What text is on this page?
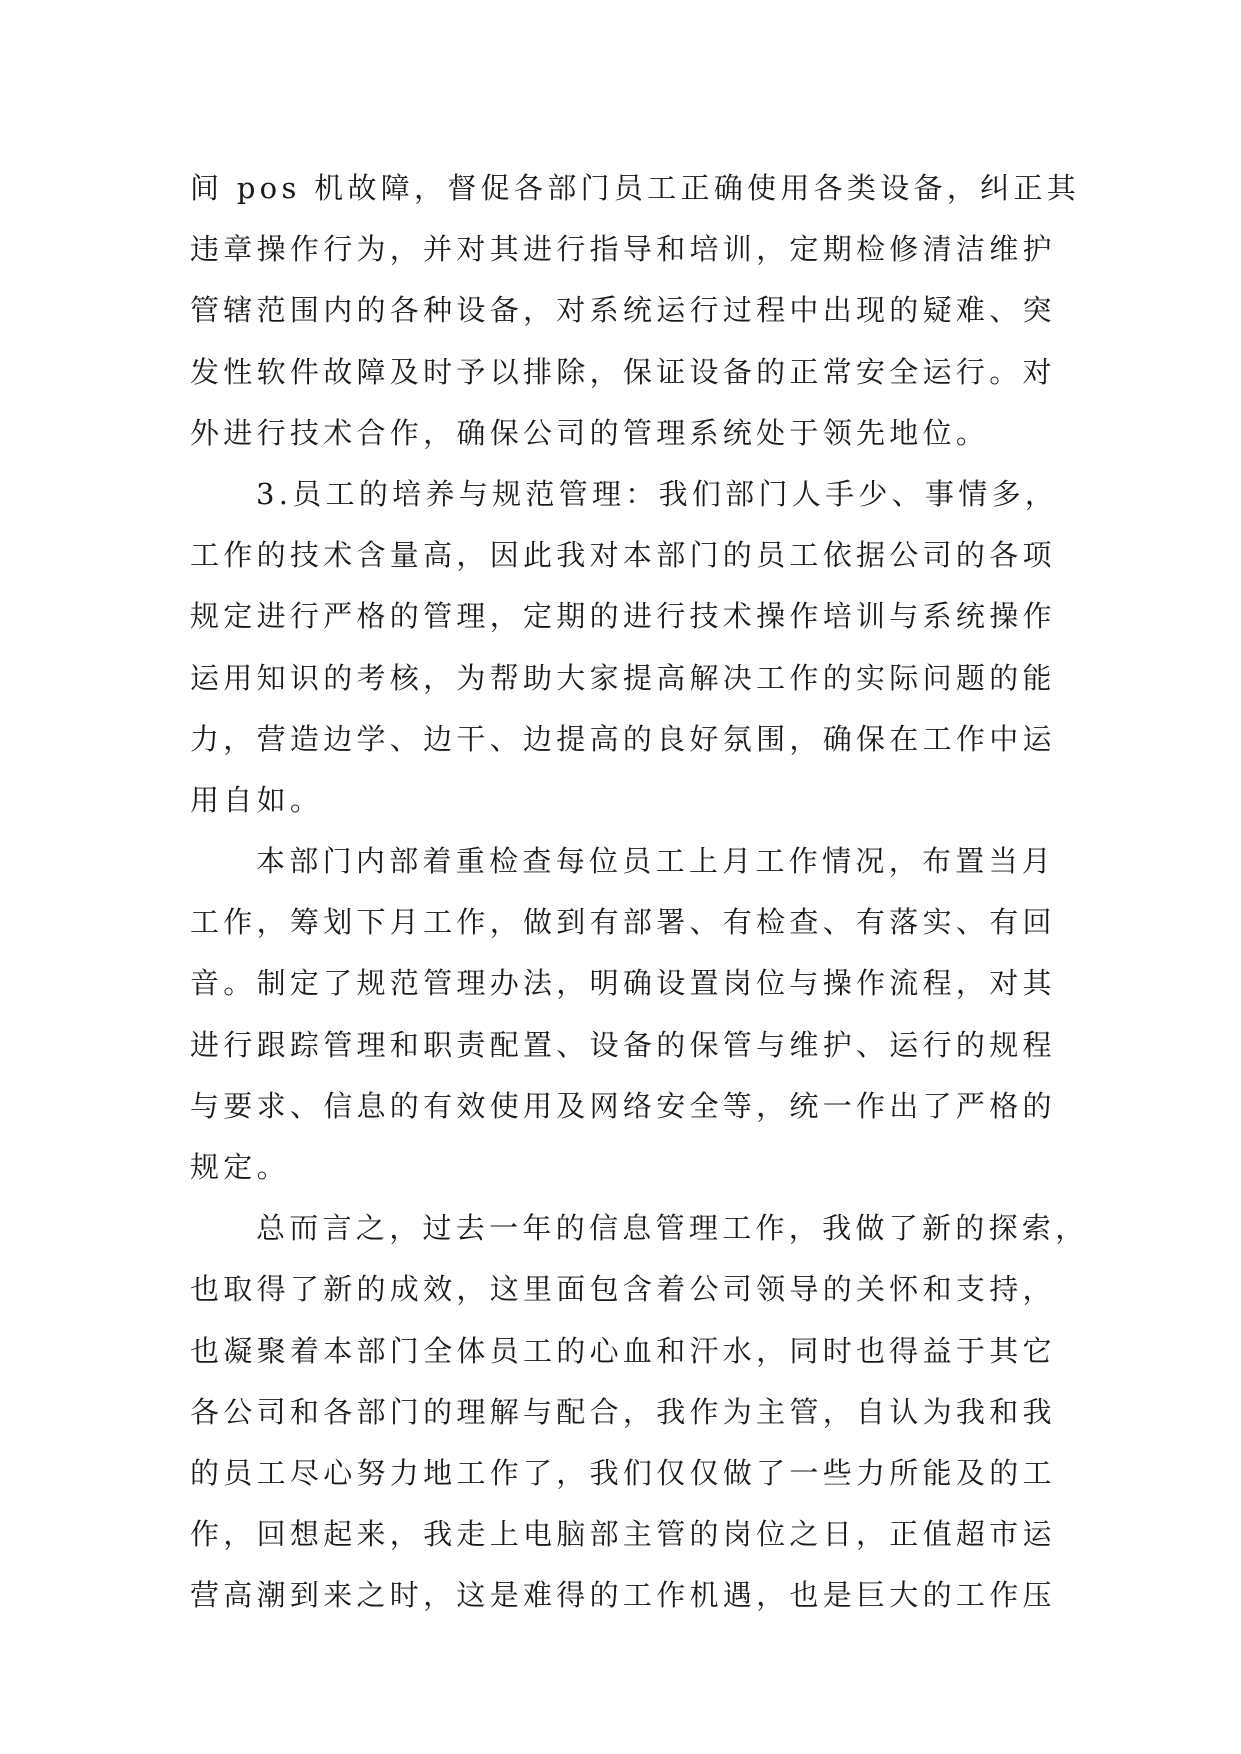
间 pos 机故障，督促各部门员工正确使用各类设备，纠正其
违章操作行为，并对其进行指导和培训，定期检修清洁维护
管辖范围内的各种设备，对系统运行过程中出现的疑难、突
发性软件故障及时予以排除，保证设备的正常安全运行。对
外进行技术合作，确保公司的管理系统处于领先地位。
3.员工的培养与规范管理：我们部门人手少、事情多，
工作的技术含量高，因此我对本部门的员工依据公司的各项
规定进行严格的管理，定期的进行技术操作培训与系统操作
运用知识的考核，为帮助大家提高解决工作的实际问题的能
力，营造边学、边干、边提高的良好氛围，确保在工作中运
用自如。
本部门内部着重检查每位员工上月工作情况，布置当月
工作，筹划下月工作，做到有部署、有检查、有落实、有回
音。制定了规范管理办法，明确设置岗位与操作流程，对其
进行跟踪管理和职责配置、设备的保管与维护、运行的规程
与要求、信息的有效使用及网络安全等，统一作出了严格的
规定。
总而言之，过去一年的信息管理工作，我做了新的探索，
也取得了新的成效，这里面包含着公司领导的关怀和支持，
也凝聚着本部门全体员工的心血和汗水，同时也得益于其它
各公司和各部门的理解与配合，我作为主管，自认为我和我
的员工尽心努力地工作了，我们仅仅做了一些力所能及的工
作，回想起来，我走上电脑部主管的岗位之日，正值超市运
营高潮到来之时，这是难得的工作机遇，也是巨大的工作压
